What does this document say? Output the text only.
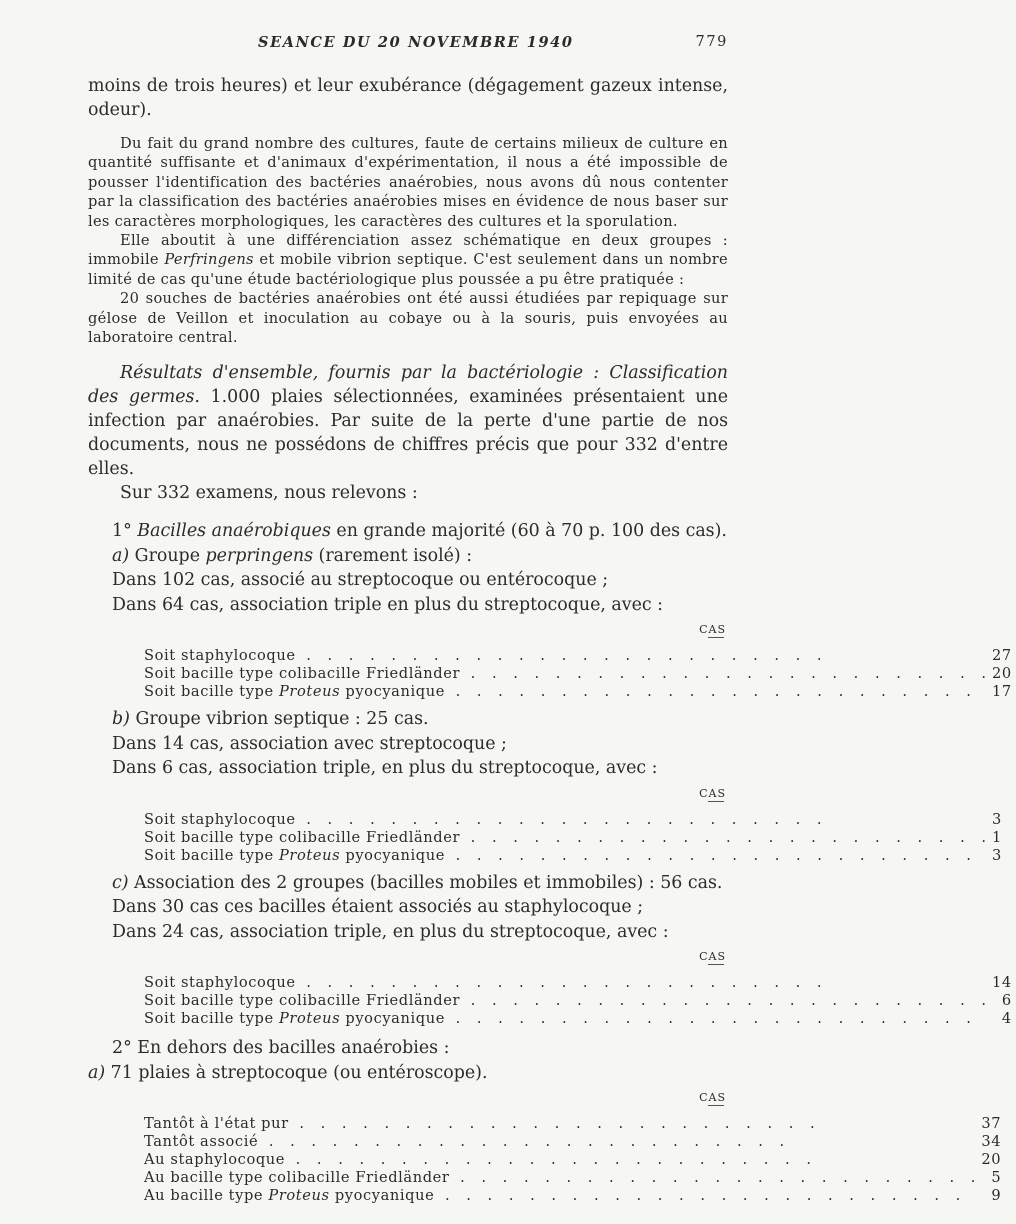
SEANCE DU 20 NOVEMBRE 1940	779

moins de trois heures) et leur exubérance (dégagement gazeux intense, odeur).

Du fait du grand nombre des cultures, faute de certains milieux de culture en quantité suffisante et d'animaux d'expérimentation, il nous a été impossible de pousser l'identification des bactéries anaérobies, nous avons dû nous contenter par la classification des bactéries anaérobies mises en évidence de nous baser sur les caractères morphologiques, les caractères des cultures et la sporulation.

Elle aboutit à une différenciation assez schématique en deux groupes : immobile Perfringens et mobile vibrion septique. C'est seulement dans un nombre limité de cas qu'une étude bactériologique plus poussée a pu être pratiquée :

20 souches de bactéries anaérobies ont été aussi étudiées par repiquage sur gélose de Veillon et inoculation au cobaye ou à la souris, puis envoyées au laboratoire central.

Résultats d'ensemble, fournis par la bactériologie : Classification des germes. 1.000 plaies sélectionnées, examinées présentaient une infection par anaérobies. Par suite de la perte d'une partie de nos documents, nous ne possédons de chiffres précis que pour 332 d'entre elles.

Sur 332 examens, nous relevons :

1° Bacilles anaérobiques en grande majorité (60 à 70 p. 100 des cas).

a) Groupe perpringens (rarement isolé) :

Dans 102 cas, associé au streptocoque ou entérocoque ;

Dans 64 cas, association triple en plus du streptocoque, avec :

CAS
Soit staphylocoque . . . . . . . . . . . . . . . . . . . . . . . . .	27
Soit bacille type colibacille Friedländer . . . . . . . . . . . . . . . . . . . . . . . . .	20
Soit bacille type Proteus pyocyanique . . . . . . . . . . . . . . . . . . . . . . . . .	17

b) Groupe vibrion septique : 25 cas.

Dans 14 cas, association avec streptocoque ;

Dans 6 cas, association triple, en plus du streptocoque, avec :

CAS
Soit staphylocoque . . . . . . . . . . . . . . . . . . . . . . . . .	3
Soit bacille type colibacille Friedländer . . . . . . . . . . . . . . . . . . . . . . . . .	1
Soit bacille type Proteus pyocyanique . . . . . . . . . . . . . . . . . . . . . . . . .	3

c) Association des 2 groupes (bacilles mobiles et immobiles) : 56 cas.

Dans 30 cas ces bacilles étaient associés au staphylocoque ;

Dans 24 cas, association triple, en plus du streptocoque, avec :

CAS
Soit staphylocoque . . . . . . . . . . . . . . . . . . . . . . . . .	14
Soit bacille type colibacille Friedländer . . . . . . . . . . . . . . . . . . . . . . . . .	6
Soit bacille type Proteus pyocyanique . . . . . . . . . . . . . . . . . . . . . . . . .	4

2° En dehors des bacilles anaérobies :

a) 71 plaies à streptocoque (ou entéroscope).

CAS
Tantôt à l'état pur . . . . . . . . . . . . . . . . . . . . . . . . .	37
Tantôt associé . . . . . . . . . . . . . . . . . . . . . . . . .	34
Au staphylocoque . . . . . . . . . . . . . . . . . . . . . . . . .	20
Au bacille type colibacille Friedländer . . . . . . . . . . . . . . . . . . . . . . . . .	5
Au bacille type Proteus pyocyanique . . . . . . . . . . . . . . . . . . . . . . . . .	9
